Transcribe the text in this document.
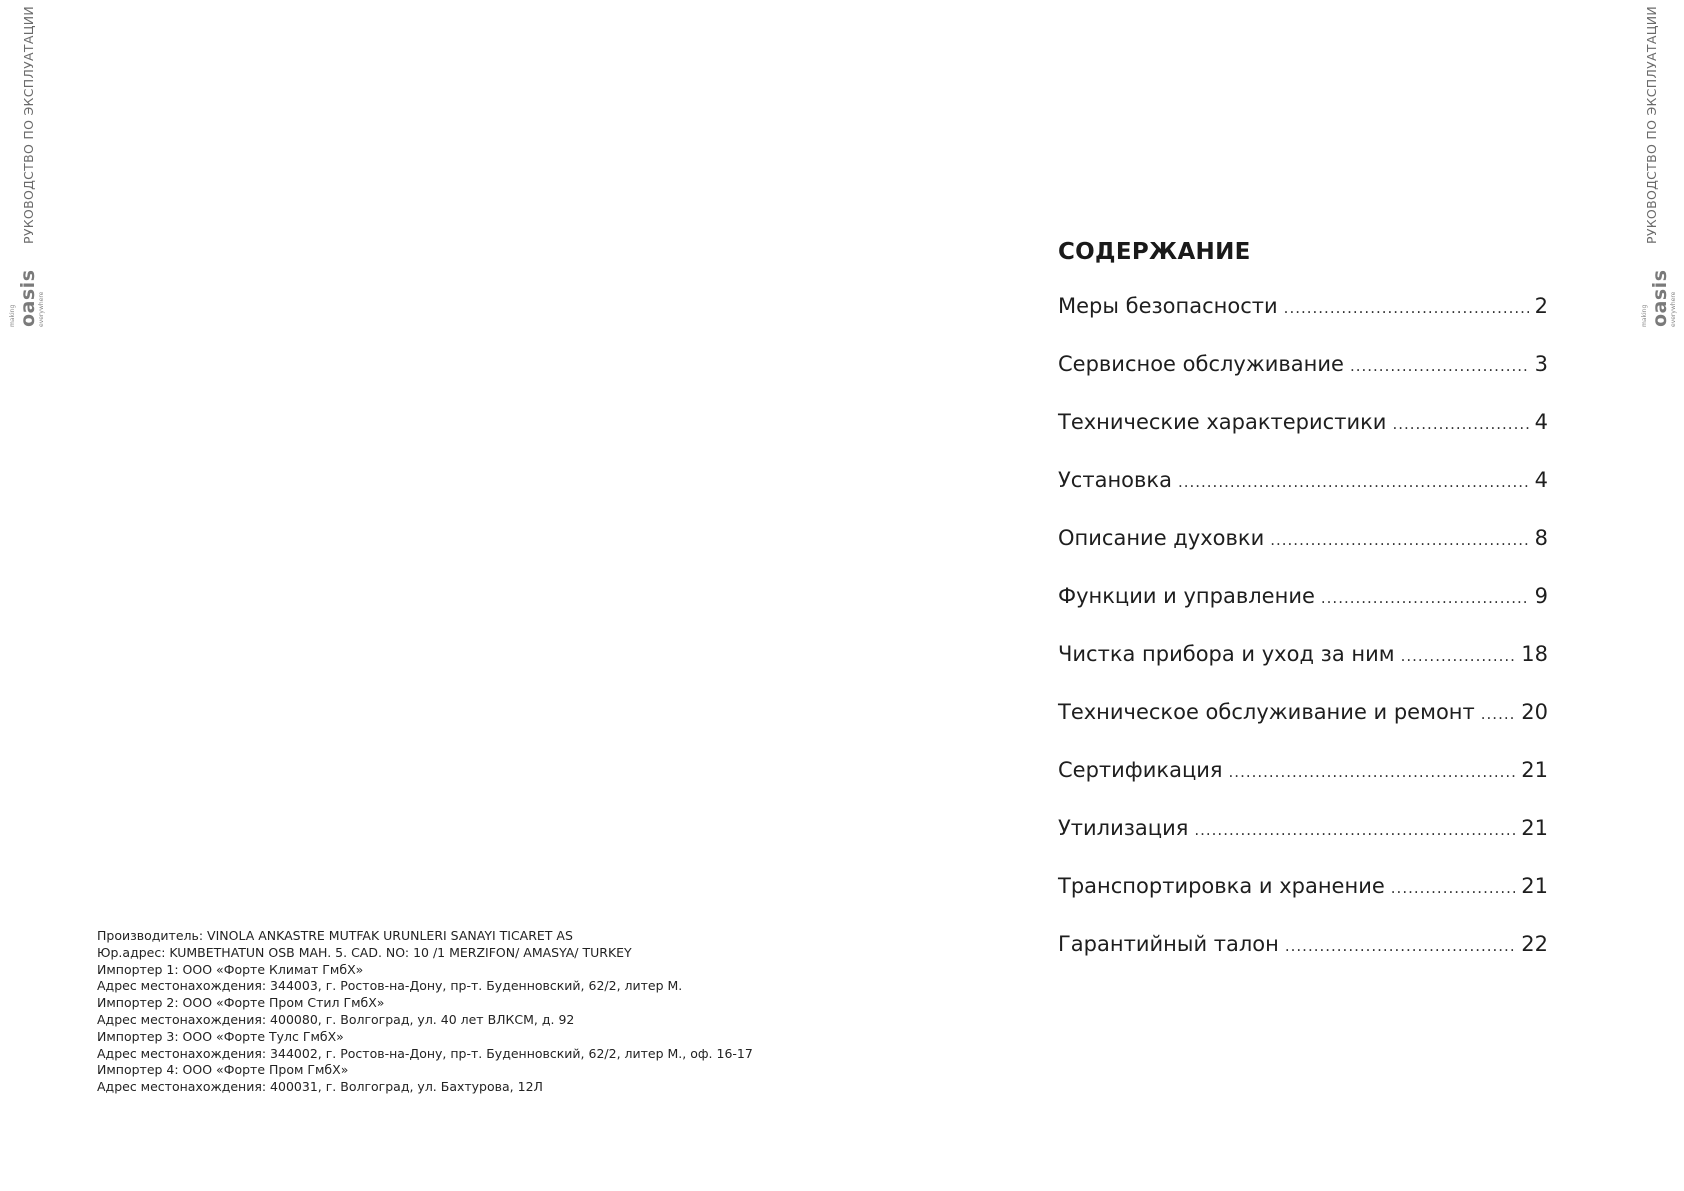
РУКОВОДСТВО ПО ЭКСПЛУАТАЦИИ
making oasis everywhere
РУКОВОДСТВО ПО ЭКСПЛУАТАЦИИ
making oasis everywhere
Производитель: VINOLA ANKASTRE MUTFAK URUNLERI SANAYI TICARET AS
Юр.адрес: KUMBETHATUN OSB MAH. 5. CAD. NO: 10 /1 MERZIFON/ AMASYA/ TURKEY
Импортер 1: ООО «Форте Климат ГмбХ»
Адрес местонахождения: 344003, г. Ростов-на-Дону, пр-т. Буденновский, 62/2, литер М.
Импортер 2: ООО «Форте Пром Стил ГмбХ»
Адрес местонахождения: 400080, г. Волгоград, ул. 40 лет ВЛКСМ, д. 92
Импортер 3: ООО «Форте Тулс ГмбХ»
Адрес местонахождения: 344002, г. Ростов-на-Дону, пр-т. Буденновский, 62/2, литер М., оф. 16-17
Импортер 4: ООО «Форте Пром ГмбХ»
Адрес местонахождения: 400031, г. Волгоград, ул. Бахтурова, 12Л
СОДЕРЖАНИЕ
Меры безопасности .....	2
Сервисное обслуживание .....	3
Технические характеристики .....	4
Установка .....	4
Описание духовки .....	8
Функции и управление .....	9
Чистка прибора и уход за ним .....	18
Техническое обслуживание и ремонт ..... 20
Сертификация .....	21
Утилизация .....	21
Транспортировка и хранение .....	21
Гарантийный талон .....	22
